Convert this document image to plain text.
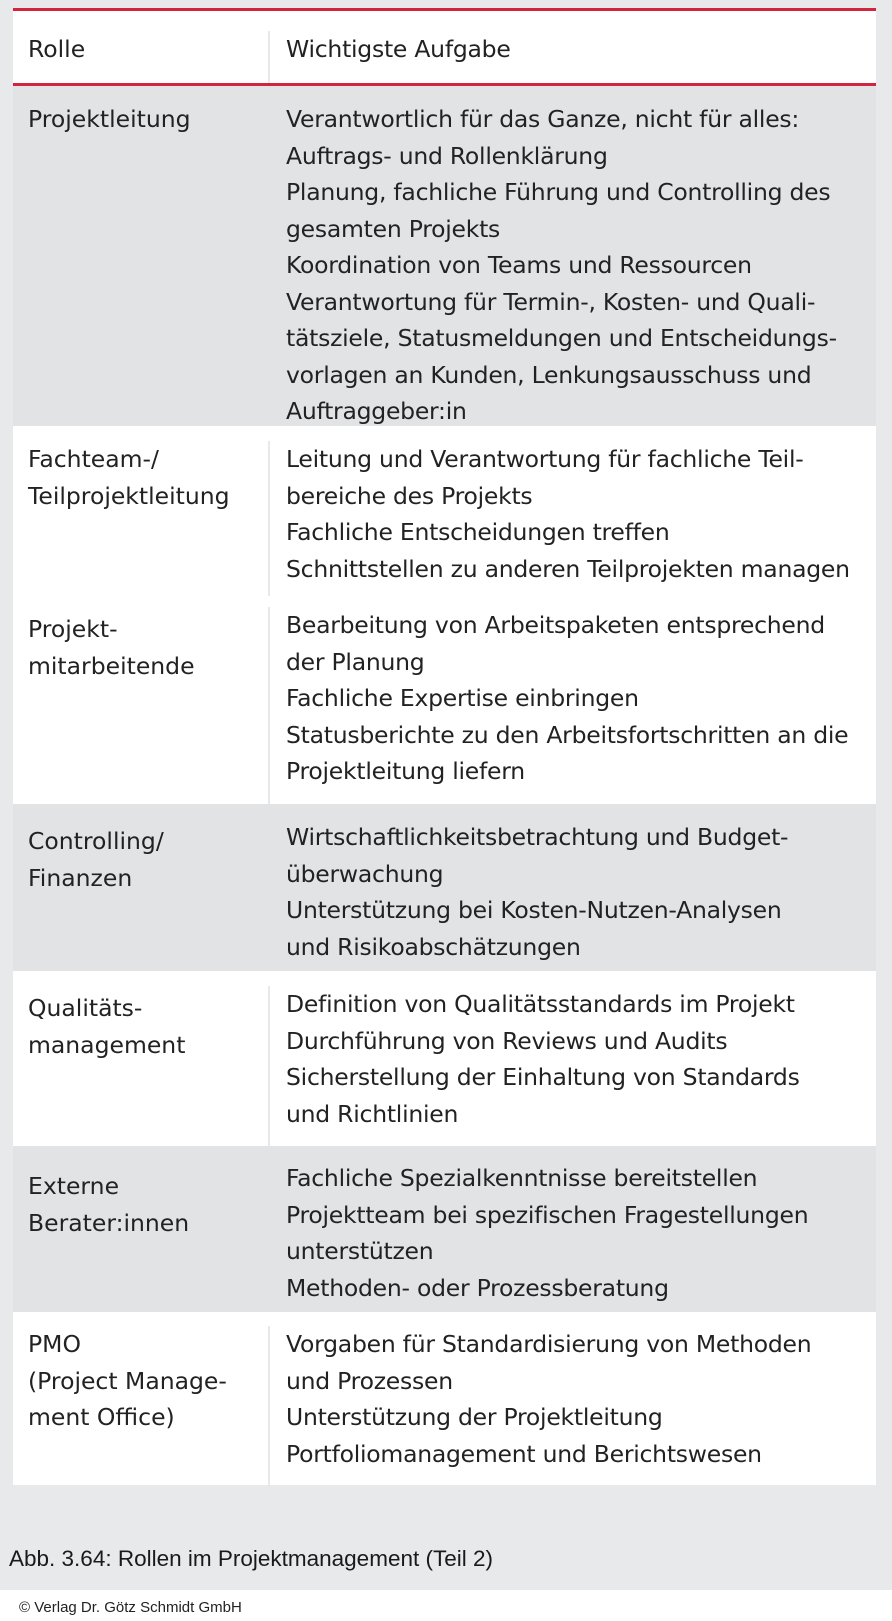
Rolle	Wichtigste Aufgabe
Projektleitung	Verantwortlich für das Ganze, nicht für alles:
Auftrags- und Rollenklärung
Planung, fachliche Führung und Controlling des
gesamten Projekts
Koordination von Teams und Ressourcen
Verantwortung für Termin-, Kosten- und Quali-
tätsziele, Statusmeldungen und Entscheidungs-
vorlagen an Kunden, Lenkungsausschuss und
Auftraggeber:in
Fachteam-/
Teilprojektleitung
Leitung und Verantwortung für fachliche Teil-
bereiche des Projekts
Fachliche Entscheidungen treffen
Schnittstellen zu anderen Teilprojekten managen
Projekt-
mitarbeitende
Bearbeitung von Arbeitspaketen entsprechend
der Planung
Fachliche Expertise einbringen
Statusberichte zu den Arbeitsfortschritten an die
Projektleitung liefern
Controlling/
Finanzen
Wirtschaftlichkeitsbetrachtung und Budget-
überwachung
Unterstützung bei Kosten-Nutzen-Analysen
und Risikoabschätzungen
Qualitäts-
management
Definition von Qualitätsstandards im Projekt
Durchführung von Reviews und Audits
Sicherstellung der Einhaltung von Standards
und Richtlinien
Externe
Berater:innen
Fachliche Spezialkenntnisse bereitstellen
Projektteam bei spezifischen Fragestellungen
unterstützen
Methoden- oder Prozessberatung
PMO
(Project Manage-
ment Office)
Vorgaben für Standardisierung von Methoden
und Prozessen
Unterstützung der Projektleitung
Portfoliomanagement und Berichtswesen
Abb. 3.64: Rollen im Projektmanagement (Teil 2)
© Verlag Dr. Götz Schmidt GmbH
